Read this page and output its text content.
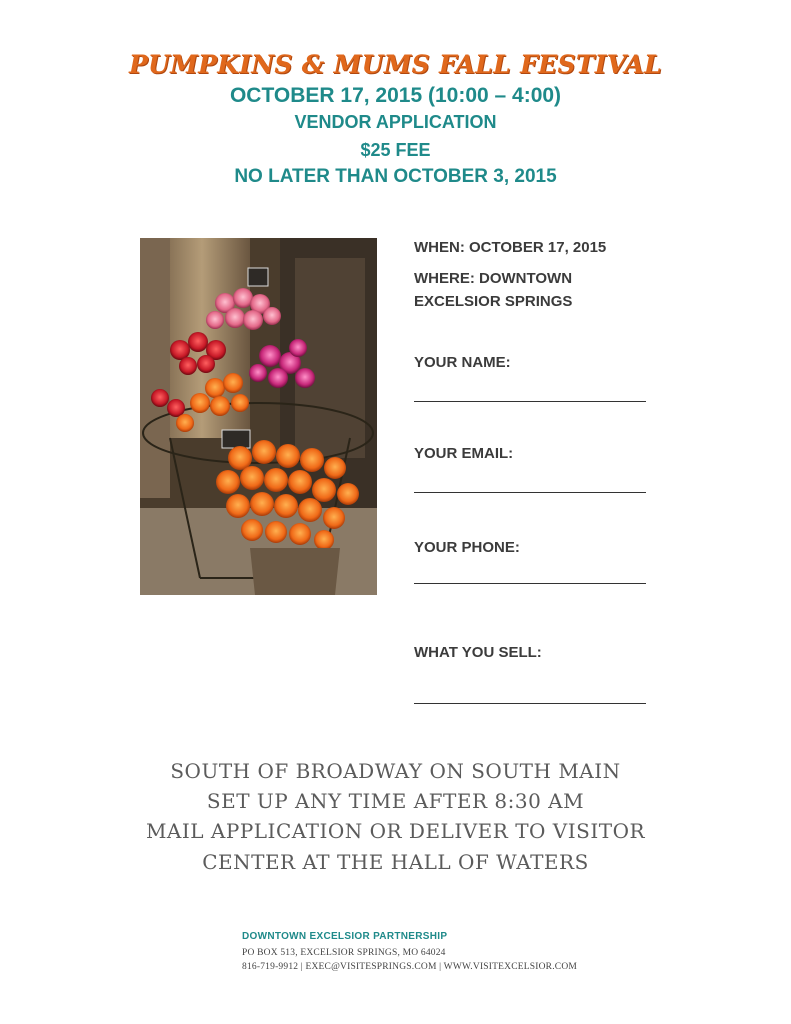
PUMPKINS & MUMS FALL FESTIVAL
OCTOBER 17, 2015 (10:00 – 4:00)
VENDOR APPLICATION
$25 FEE
NO LATER THAN OCTOBER 3, 2015
WHEN: OCTOBER 17, 2015
WHERE: DOWNTOWN
EXCELSIOR SPRINGS
YOUR NAME:
YOUR EMAIL:
YOUR PHONE:
WHAT YOU SELL:
SOUTH OF BROADWAY ON SOUTH MAIN
SET UP ANY TIME AFTER 8:30 AM
MAIL APPLICATION OR DELIVER TO VISITOR
CENTER AT THE HALL OF WATERS
DOWNTOWN EXCELSIOR PARTNERSHIP
PO BOX 513, EXCELSIOR SPRINGS, MO 64024
816-719-9912 | EXEC@VISITESPRINGS.COM | WWW.VISITEXCELSIOR.COM
